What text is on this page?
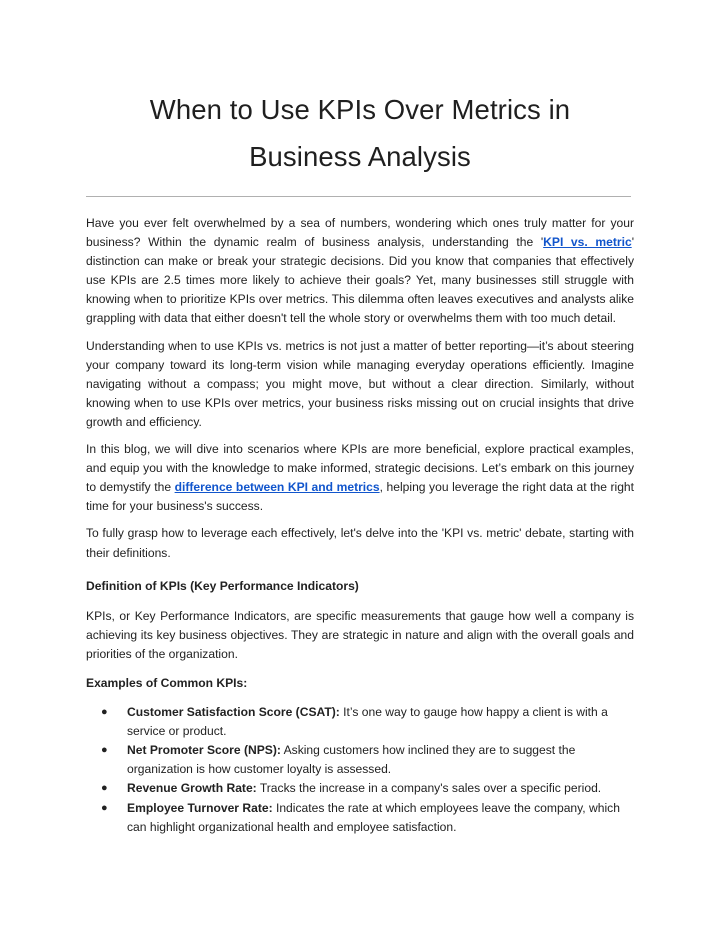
When to Use KPIs Over Metrics in
Business Analysis

Have you ever felt overwhelmed by a sea of numbers, wondering which ones truly matter for your business? Within the dynamic realm of business analysis, understanding the 'KPI vs. metric' distinction can make or break your strategic decisions. Did you know that companies that effectively use KPIs are 2.5 times more likely to achieve their goals? Yet, many businesses still struggle with knowing when to prioritize KPIs over metrics. This dilemma often leaves executives and analysts alike grappling with data that either doesn't tell the whole story or overwhelms them with too much detail.

Understanding when to use KPIs vs. metrics is not just a matter of better reporting—it’s about steering your company toward its long-term vision while managing everyday operations efficiently. Imagine navigating without a compass; you might move, but without a clear direction. Similarly, without knowing when to use KPIs over metrics, your business risks missing out on crucial insights that drive growth and efficiency.

In this blog, we will dive into scenarios where KPIs are more beneficial, explore practical examples, and equip you with the knowledge to make informed, strategic decisions. Let’s embark on this journey to demystify the difference between KPI and metrics, helping you leverage the right data at the right time for your business's success.

To fully grasp how to leverage each effectively, let's delve into the 'KPI vs. metric' debate, starting with their definitions.

Definition of KPIs (Key Performance Indicators)

KPIs, or Key Performance Indicators, are specific measurements that gauge how well a company is achieving its key business objectives. They are strategic in nature and align with the overall goals and priorities of the organization.

Examples of Common KPIs:
● Customer Satisfaction Score (CSAT): It’s one way to gauge how happy a client is with a service or product.
● Net Promoter Score (NPS): Asking customers how inclined they are to suggest the organization is how customer loyalty is assessed.
● Revenue Growth Rate: Tracks the increase in a company's sales over a specific period.
● Employee Turnover Rate: Indicates the rate at which employees leave the company, which can highlight organizational health and employee satisfaction.
